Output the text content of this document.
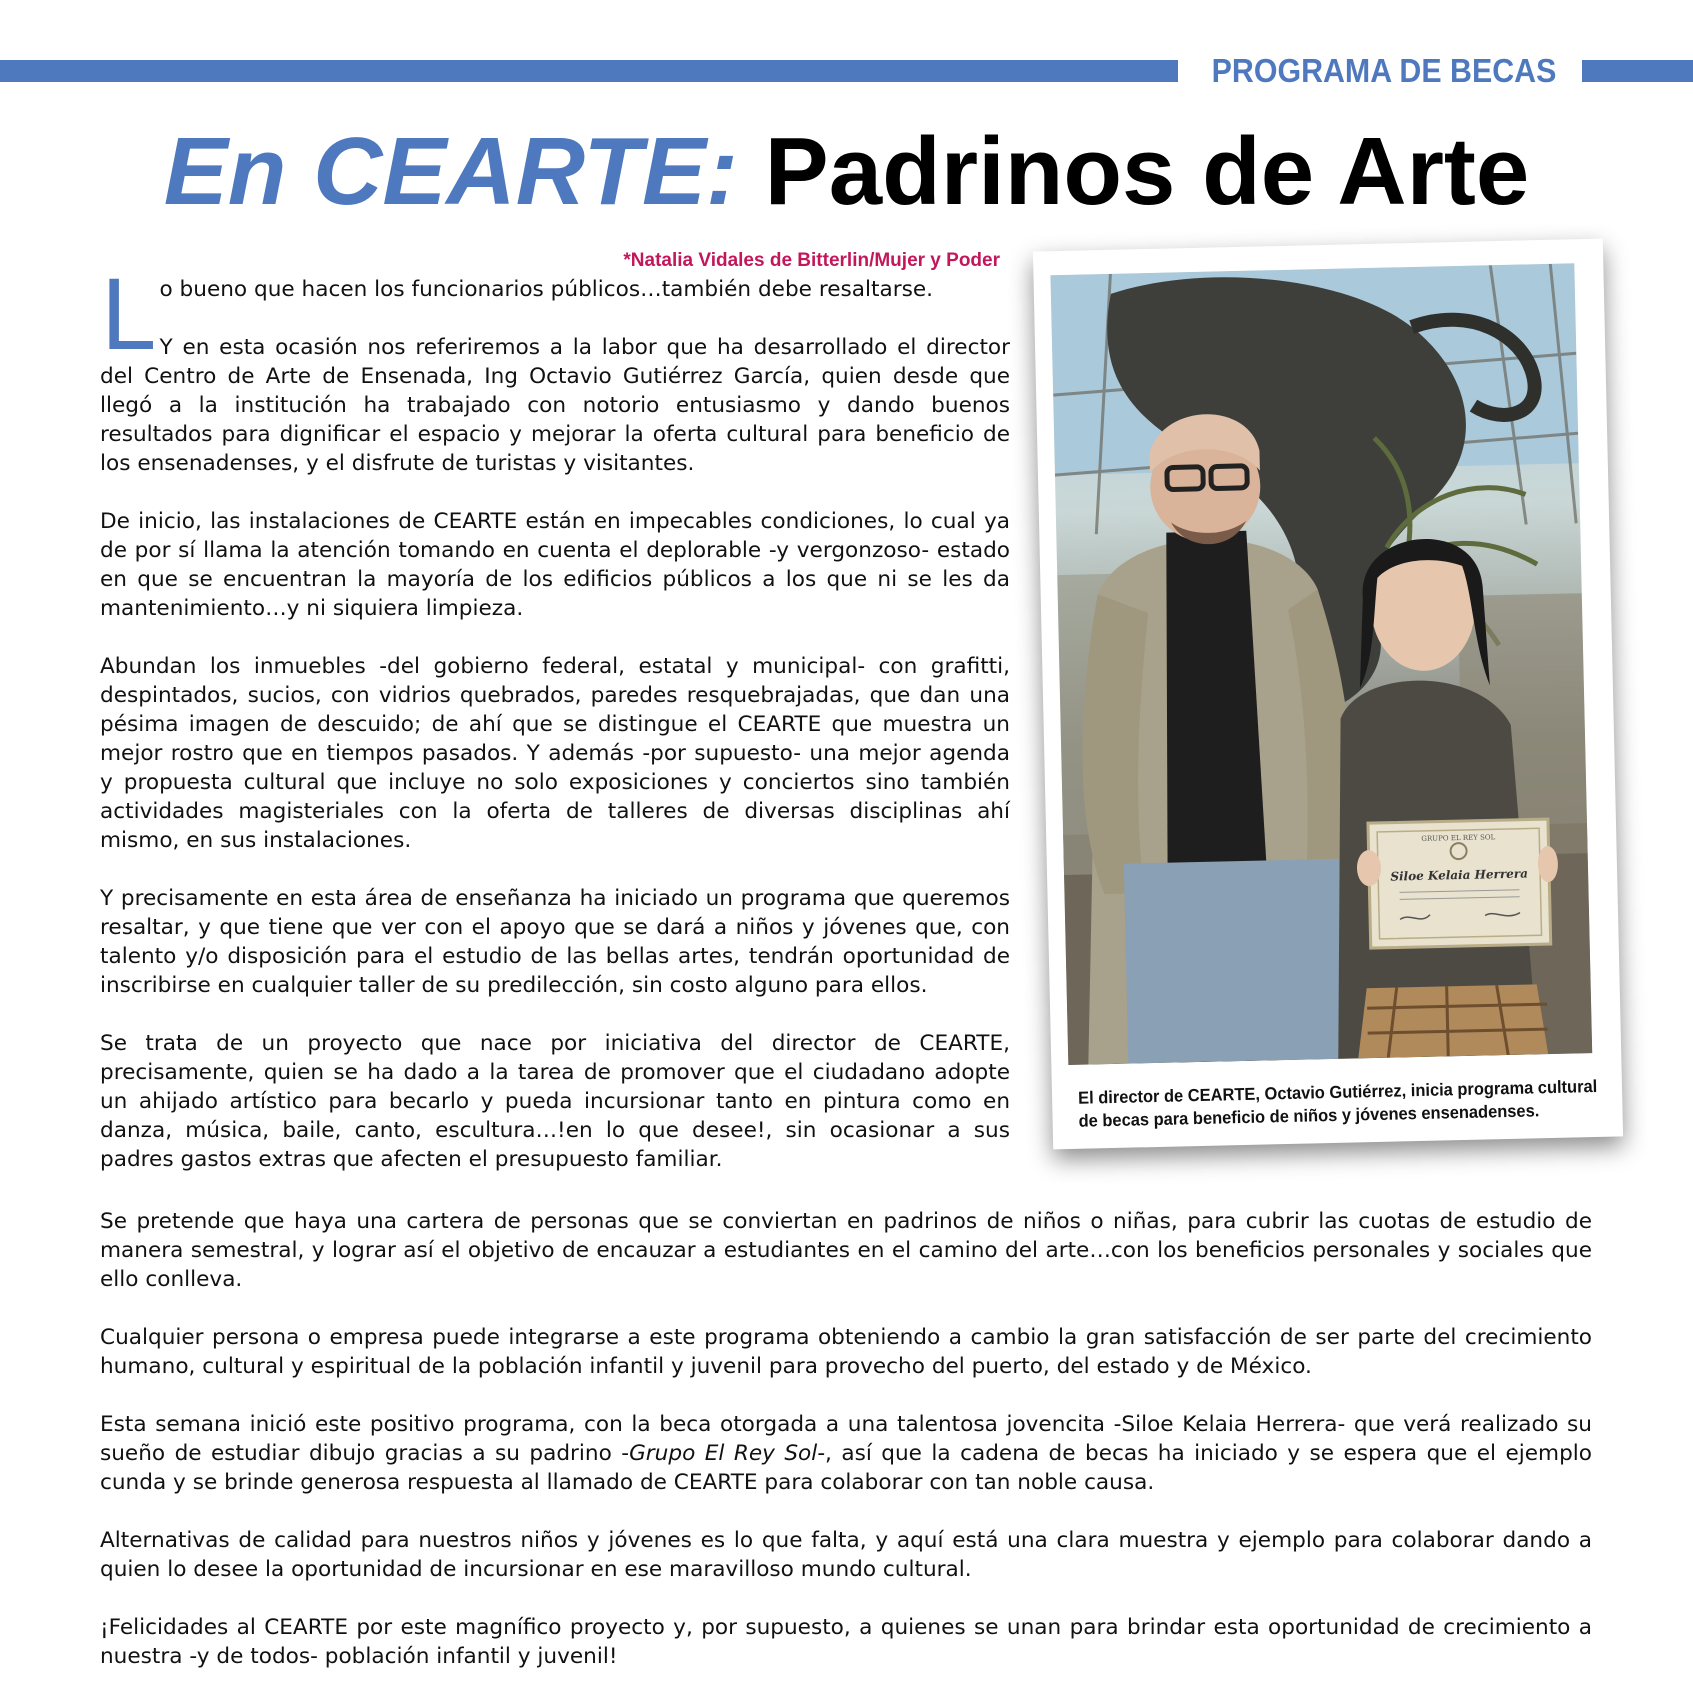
PROGRAMA DE BECAS
En CEARTE: Padrinos de Arte
*Natalia Vidales de Bitterlin/Mujer y Poder

L o bueno que hacen los funcionarios públicos…también debe resaltarse.

Y en esta ocasión nos referiremos a la labor que ha desarrollado el director del Centro de Arte de Ensenada, Ing Octavio Gutiérrez García, quien desde que llegó a la institución ha trabajado con notorio entusiasmo y dando buenos resultados para dignificar el espacio y mejorar la oferta cultural para beneficio de los ensenadenses, y el disfrute de turistas y visitantes.

De inicio, las instalaciones de CEARTE están en impecables condiciones, lo cual ya de por sí llama la atención tomando en cuenta el deplorable -y vergonzoso- estado en que se encuentran la mayoría de los edificios públicos a los que ni se les da mantenimiento…y ni siquiera limpieza.

Abundan los inmuebles -del gobierno federal, estatal y municipal- con grafitti, despintados, sucios, con vidrios quebrados, paredes resquebrajadas, que dan una pésima imagen de descuido; de ahí que se distingue el CEARTE que muestra un mejor rostro que en tiempos pasados. Y además -por supuesto- una mejor agenda y propuesta cultural que incluye no solo exposiciones y conciertos sino también actividades magisteriales con la oferta de talleres de diversas disciplinas ahí mismo, en sus instalaciones.

Y precisamente en esta área de enseñanza ha iniciado un programa que queremos resaltar, y que tiene que ver con el apoyo que se dará a niños y jóvenes que, con talento y/o disposición para el estudio de las bellas artes, tendrán oportunidad de inscribirse en cualquier taller de su predilección, sin costo alguno para ellos.

Se trata de un proyecto que nace por iniciativa del director de CEARTE, precisamente, quien se ha dado a la tarea de promover que el ciudadano adopte un ahijado artístico para becarlo y pueda incursionar tanto en pintura como en danza, música, baile, canto, escultura…!en lo que desee!, sin ocasionar a sus padres gastos extras que afecten el presupuesto familiar.

GRUPO EL REY SOL
Siloe Kelaia Herrera
El director de CEARTE, Octavio Gutiérrez, inicia programa cultural
de becas para beneficio de niños y jóvenes ensenadenses.

Se pretende que haya una cartera de personas que se conviertan en padrinos de niños o niñas, para cubrir las cuotas de estudio de manera semestral, y lograr así el objetivo de encauzar a estudiantes en el camino del arte…con los beneficios personales y sociales que ello conlleva.

Cualquier persona o empresa puede integrarse a este programa obteniendo a cambio la gran satisfacción de ser parte del crecimiento humano, cultural y espiritual de la población infantil y juvenil para provecho del puerto, del estado y de México.

Esta semana inició este positivo programa, con la beca otorgada a una talentosa jovencita -Siloe Kelaia Herrera- que verá realizado su sueño de estudiar dibujo gracias a su padrino -Grupo El Rey Sol-, así que la cadena de becas ha iniciado y se espera que el ejemplo cunda y se brinde generosa respuesta al llamado de CEARTE para colaborar con tan noble causa.

Alternativas de calidad para nuestros niños y jóvenes es lo que falta, y aquí está una clara muestra y ejemplo para colaborar dando a quien lo desee la oportunidad de incursionar en ese maravilloso mundo cultural.

¡Felicidades al CEARTE por este magnífico proyecto y, por supuesto, a quienes se unan para brindar esta oportunidad de crecimiento a nuestra -y de todos- población infantil y juvenil!
